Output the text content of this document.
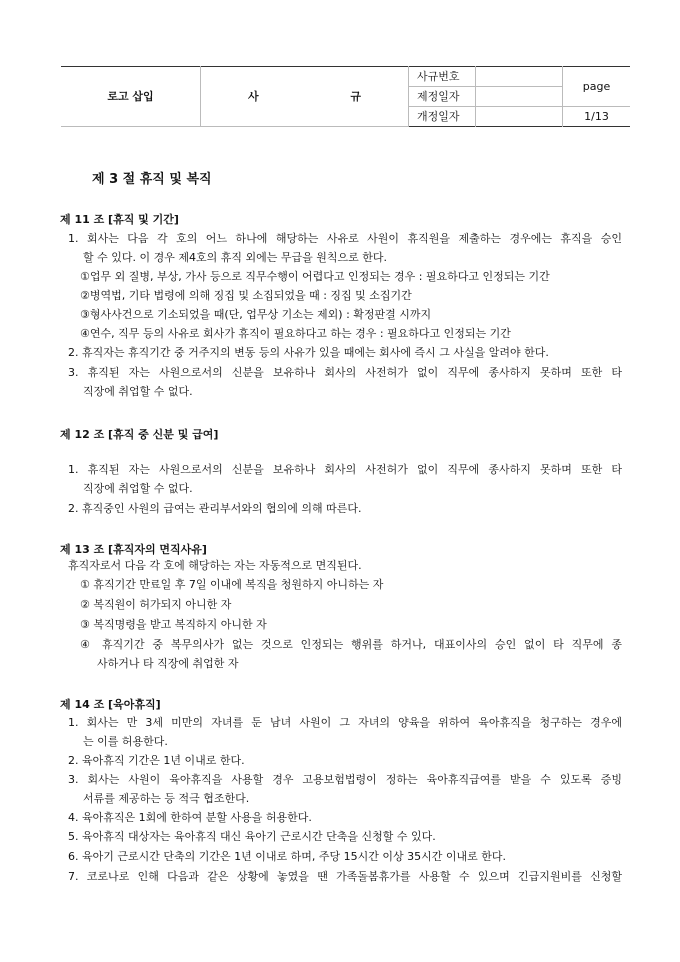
로고 삽입	사 규	사규번호		page
		제정일자		
		개정일자		1/13
제 3 절 휴직 및 복직
제 11 조 [휴직 및 기간]
1. 회사는 다음 각 호의 어느 하나에 해당하는 사유로 사원이 휴직원을 제출하는 경우에는 휴직을 승인
할 수 있다. 이 경우 제4호의 휴직 외에는 무급을 원칙으로 한다.
①업무 외 질병, 부상, 가사 등으로 직무수행이 어렵다고 인정되는 경우 : 필요하다고 인정되는 기간
②병역법, 기타 법령에 의해 징집 및 소집되었을 때 : 징집 및 소집기간
③형사사건으로 기소되었을 때(단, 업무상 기소는 제외) : 확정판결 시까지
④연수, 직무 등의 사유로 회사가 휴직이 필요하다고 하는 경우 : 필요하다고 인정되는 기간
2. 휴직자는 휴직기간 중 거주지의 변동 등의 사유가 있을 때에는 회사에 즉시 그 사실을 알려야 한다.
3. 휴직된 자는 사원으로서의 신분을 보유하나 회사의 사전허가 없이 직무에 종사하지 못하며 또한 타
직장에 취업할 수 없다.
제 12 조 [휴직 중 신분 및 급여]
1. 휴직된 자는 사원으로서의 신분을 보유하나 회사의 사전허가 없이 직무에 종사하지 못하며 또한 타
직장에 취업할 수 없다.
2. 휴직중인 사원의 급여는 관리부서와의 협의에 의해 따른다.
제 13 조 [휴직자의 면직사유]
휴직자로서 다음 각 호에 해당하는 자는 자동적으로 면직된다.
① 휴직기간 만료일 후 7일 이내에 복직을 청원하지 아니하는 자
② 복직원이 허가되지 아니한 자
③ 복직명령을 받고 복직하지 아니한 자
④ 휴직기간 중 복무의사가 없는 것으로 인정되는 행위를 하거나, 대표이사의 승인 없이 타 직무에 종
사하거나 타 직장에 취업한 자
제 14 조 [육아휴직]
1. 회사는 만 3세 미만의 자녀를 둔 남녀 사원이 그 자녀의 양육을 위하여 육아휴직을 청구하는 경우에
는 이를 허용한다.
2. 육아휴직 기간은 1년 이내로 한다.
3. 회사는 사원이 육아휴직을 사용할 경우 고용보험법령이 정하는 육아휴직급여를 받을 수 있도록 증빙
서류를 제공하는 등 적극 협조한다.
4. 육아휴직은 1회에 한하여 분할 사용을 허용한다.
5. 육아휴직 대상자는 육아휴직 대신 육아기 근로시간 단축을 신청할 수 있다.
6. 육아기 근로시간 단축의 기간은 1년 이내로 하며, 주당 15시간 이상 35시간 이내로 한다.
7. 코로나로 인해 다음과 같은 상황에 놓였을 땐 가족돌봄휴가를 사용할 수 있으며 긴급지원비를 신청할
